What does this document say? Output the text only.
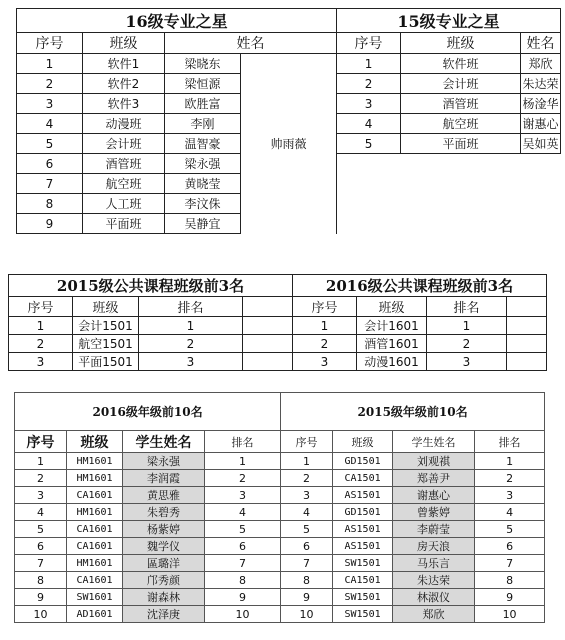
16级专业之星				15级专业之星		
序号	班级	姓名		序号	班级	姓名
1	软件1	梁晓东		1	软件班	郑欣
2	软件2	梁恒源		2	会计班	朱达荣
3	软件3	欧胜富		3	酒管班	杨淦华
4	动漫班	李刚		4	航空班	谢惠心
5	会计班	温智豪	帅雨薇	5	平面班	吴如英
6	酒管班	梁永强				
7	航空班	黄晓莹				
8	人工班	李汶侏				
9	平面班	吴静宜				
2015级公共课程班级前3名				2016级公共课程班级前3名			
序号	班级	排名		序号	班级	排名	
1	会计1501	1		1	会计1601	1	
2	航空1501	2		2	酒管1601	2	
3	平面1501	3		3	动漫1601	3	
2016级年级前10名				2015级年级前10名			
序号	班级	学生姓名	排名	序号	班级	学生姓名	排名
1	HM1601	梁永强	1	1	GD1501	刘观祺	1
2	HM1601	李润霞	2	2	CA1501	郑善尹	2
3	CA1601	黄思雅	3	3	AS1501	谢惠心	3
4	HM1601	朱碧秀	4	4	GD1501	曾紫婷	4
5	CA1601	杨紫婷	5	5	AS1501	李蔚莹	5
6	CA1601	魏学仪	6	6	AS1501	房天浪	6
7	HM1601	區璐洋	7	7	SW1501	马乐言	7
8	CA1601	邝秀颜	8	8	CA1501	朱达荣	8
9	SW1601	谢森林	9	9	SW1501	林淑仪	9
10	AD1601	沈泽庚	10	10	SW1501	郑欣	10
